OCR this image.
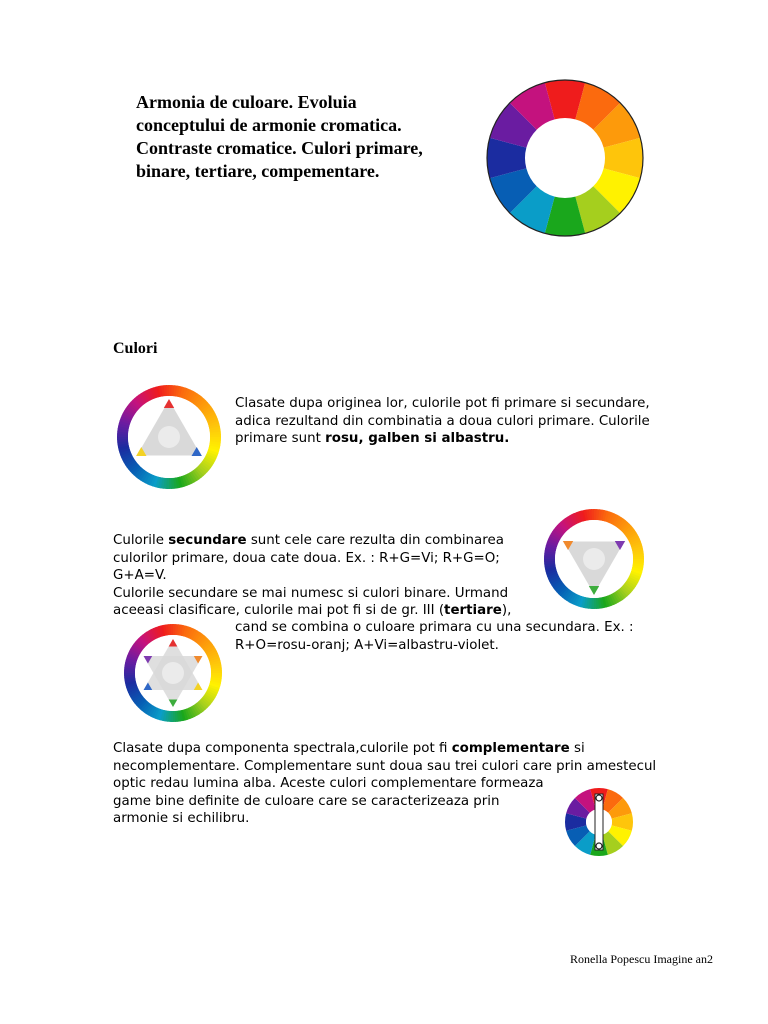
Armonia de culoare. Evoluia
conceptului de armonie cromatica.
Contraste cromatice. Culori primare,
binare, tertiare, compementare.
Culori
Clasate dupa originea lor, culorile pot fi primare si secundare,
adica rezultand din combinatia a doua culori primare. Culorile
primare sunt rosu, galben si albastru.
Culorile secundare sunt cele care rezulta din combinarea
culorilor primare, doua cate doua. Ex. : R+G=Vi; R+G=O;
G+A=V.
Culorile secundare se mai numesc si culori binare. Urmand
aceeasi clasificare, culorile mai pot fi si de gr. III (tertiare),
cand se combina o culoare primara cu una secundara. Ex. :
R+O=rosu-oranj; A+Vi=albastru-violet.
Clasate dupa componenta spectrala,culorile pot fi complementare si
necomplementare. Complementare sunt doua sau trei culori care prin amestecul
optic redau lumina alba. Aceste culori complementare formeaza
game bine definite de culoare care se caracterizeaza prin
armonie si echilibru.
Ronella Popescu Imagine an2
